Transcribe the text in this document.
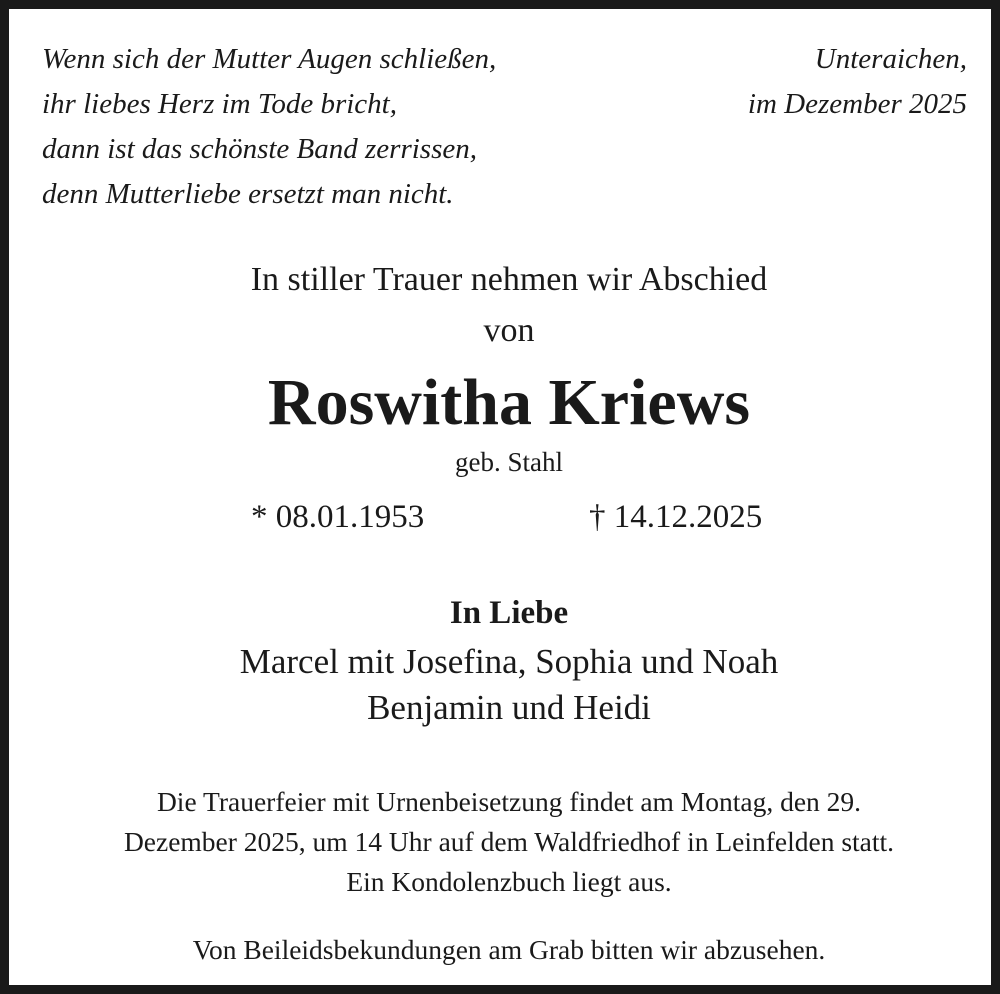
Wenn sich der Mutter Augen schließen,
ihr liebes Herz im Tode bricht,
dann ist das schönste Band zerrissen,
denn Mutterliebe ersetzt man nicht.
Unteraichen,
im Dezember 2025
In stiller Trauer nehmen wir Abschied
von
Roswitha Kriews
geb. Stahl
* 08.01.1953	† 14.12.2025
In Liebe
Marcel mit Josefina, Sophia und Noah
Benjamin und Heidi
Die Trauerfeier mit Urnenbeisetzung findet am Montag, den 29.
Dezember 2025, um 14 Uhr auf dem Waldfriedhof in Leinfelden statt.
Ein Kondolenzbuch liegt aus.
Von Beileidsbekundungen am Grab bitten wir abzusehen.
